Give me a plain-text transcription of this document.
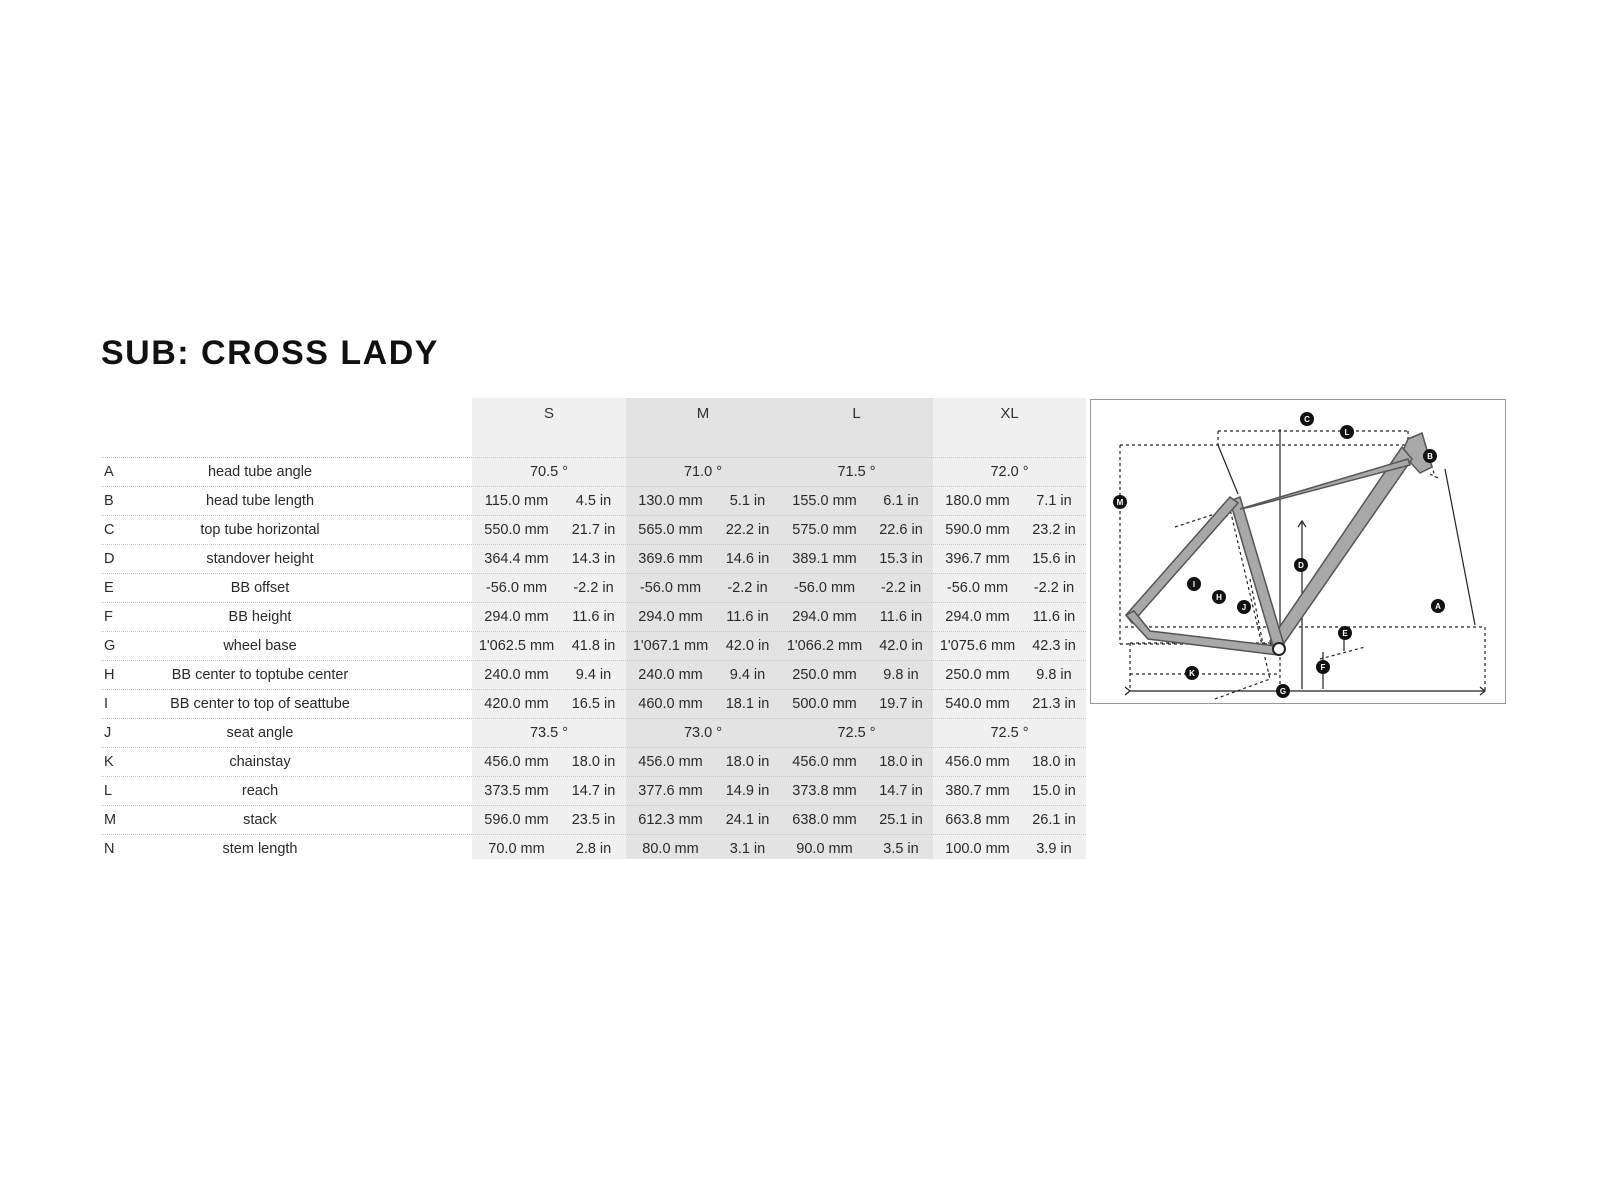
SUB: CROSS LADY
S	M	L	XL
A	head tube angle	70.5 °	71.0 °	71.5 °	72.0 °
B	head tube length	115.0 mm	4.5 in	130.0 mm	5.1 in	155.0 mm	6.1 in	180.0 mm	7.1 in
C	top tube horizontal	550.0 mm	21.7 in	565.0 mm	22.2 in	575.0 mm	22.6 in	590.0 mm	23.2 in
D	standover height	364.4 mm	14.3 in	369.6 mm	14.6 in	389.1 mm	15.3 in	396.7 mm	15.6 in
E	BB offset	-56.0 mm	-2.2 in	-56.0 mm	-2.2 in	-56.0 mm	-2.2 in	-56.0 mm	-2.2 in
F	BB height	294.0 mm	11.6 in	294.0 mm	11.6 in	294.0 mm	11.6 in	294.0 mm	11.6 in
G	wheel base	1'062.5 mm	41.8 in	1'067.1 mm	42.0 in	1'066.2 mm	42.0 in	1'075.6 mm	42.3 in
H	BB center to toptube center	240.0 mm	9.4 in	240.0 mm	9.4 in	250.0 mm	9.8 in	250.0 mm	9.8 in
I	BB center to top of seattube	420.0 mm	16.5 in	460.0 mm	18.1 in	500.0 mm	19.7 in	540.0 mm	21.3 in
J	seat angle	73.5 °	73.0 °	72.5 °	72.5 °
K	chainstay	456.0 mm	18.0 in	456.0 mm	18.0 in	456.0 mm	18.0 in	456.0 mm	18.0 in
L	reach	373.5 mm	14.7 in	377.6 mm	14.9 in	373.8 mm	14.7 in	380.7 mm	15.0 in
M	stack	596.0 mm	23.5 in	612.3 mm	24.1 in	638.0 mm	25.1 in	663.8 mm	26.1 in
N	stem length	70.0 mm	2.8 in	80.0 mm	3.1 in	90.0 mm	3.5 in	100.0 mm	3.9 in
C
L
B
M
D
I
H
J	A
E
F
K
G
